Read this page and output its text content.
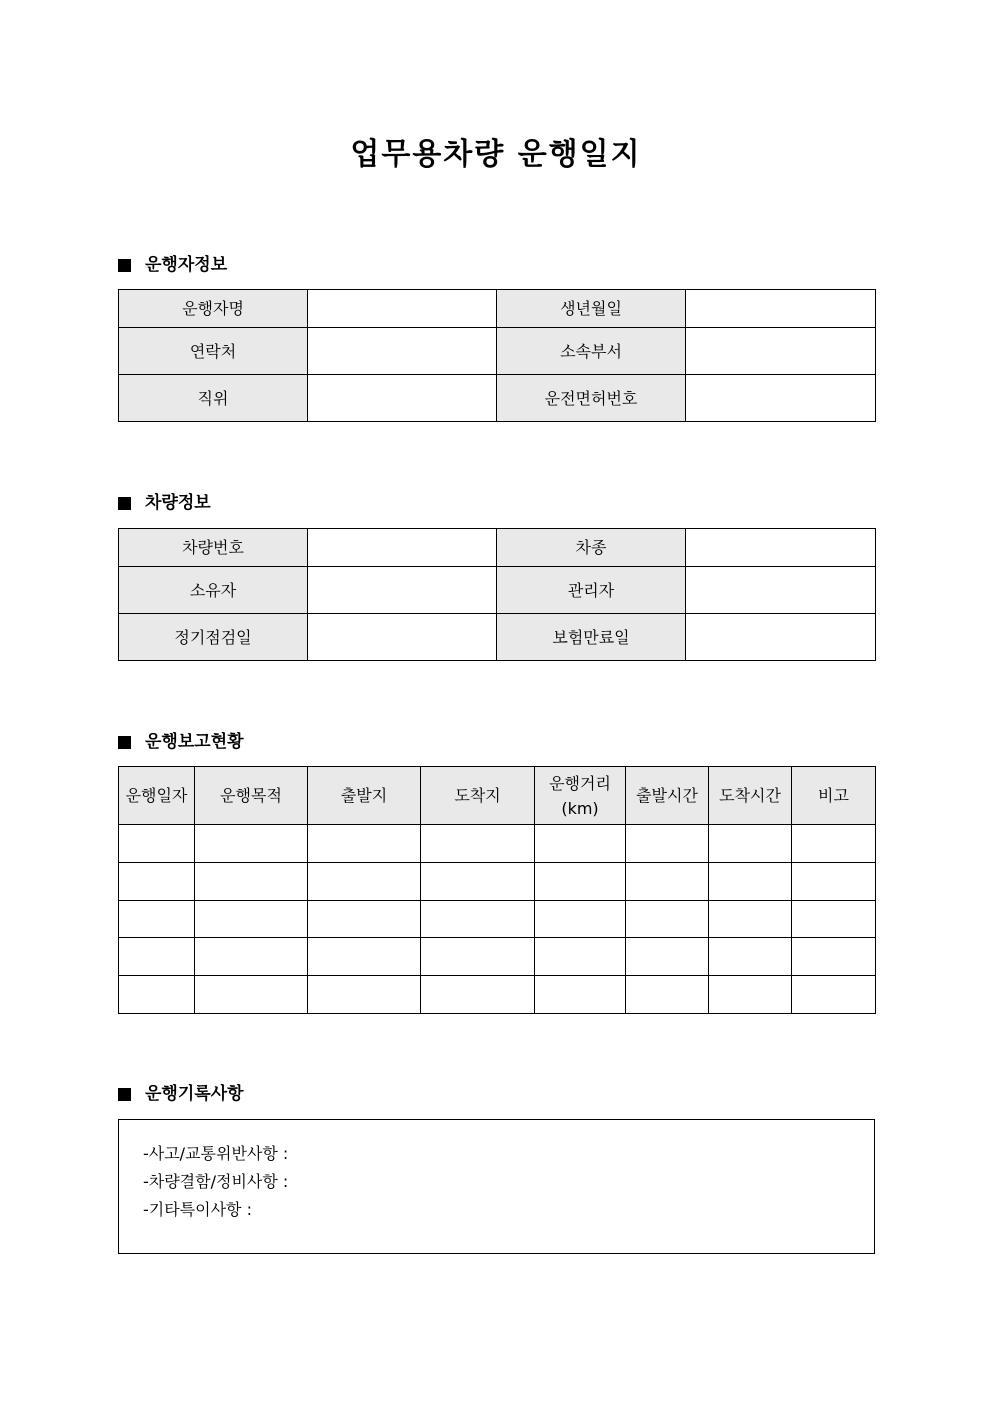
업무용차량 운행일지
운행자정보
운행자명		생년월일	
연락처		소속부서	
직위		운전면허번호	
차량정보
차량번호		차종	
소유자		관리자	
정기점검일		보험만료일	
운행보고현황
운행일자	운행목적	출발지	도착지	운행거리(km)	출발시간	도착시간	비고

운행기록사항
-사고/교통위반사항 :
-차량결함/정비사항 :
-기타특이사항 :
